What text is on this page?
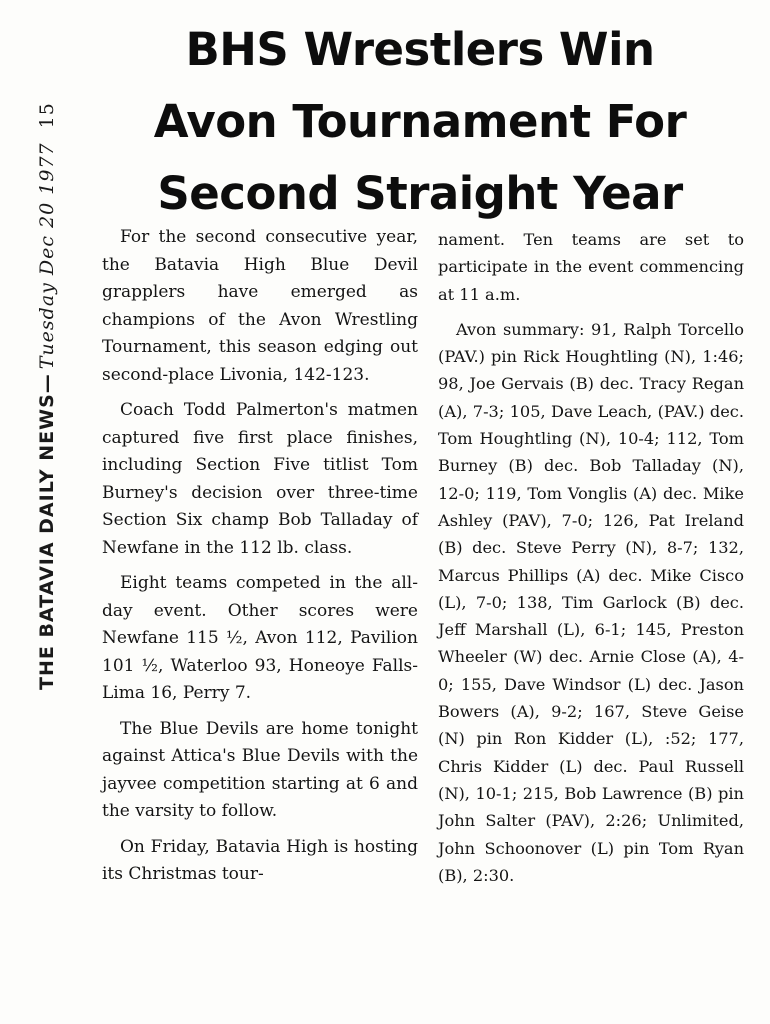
THE BATAVIA DAILY NEWS—Tuesday Dec 20 197715
BHS Wrestlers Win
Avon Tournament For
Second Straight Year

For the second consecutive year, the Batavia High Blue Devil grapplers have emerged as champions of the Avon Wrestling Tournament, this season edging out second-place Livonia, 142-123.

Coach Todd Palmerton's matmen captured five first place finishes, including Section Five titlist Tom Burney's decision over three-time Section Six champ Bob Talladay of Newfane in the 112 lb. class.

Eight teams competed in the all-day event. Other scores were Newfane 115 ½, Avon 112, Pavilion 101 ½, Waterloo 93, Honeoye Falls-Lima 16, Perry 7.

The Blue Devils are home tonight against Attica's Blue Devils with the jayvee competition starting at 6 and the varsity to follow.

On Friday, Batavia High is hosting its Christmas tour-

nament. Ten teams are set to participate in the event commencing at 11 a.m.

Avon summary: 91, Ralph Torcello (PAV.) pin Rick Houghtling (N), 1:46; 98, Joe Gervais (B) dec. Tracy Regan (A), 7-3; 105, Dave Leach, (PAV.) dec. Tom Houghtling (N), 10-4; 112, Tom Burney (B) dec. Bob Talladay (N), 12-0; 119, Tom Vonglis (A) dec. Mike Ashley (PAV), 7-0; 126, Pat Ireland (B) dec. Steve Perry (N), 8-7; 132, Marcus Phillips (A) dec. Mike Cisco (L), 7-0; 138, Tim Garlock (B) dec. Jeff Marshall (L), 6-1; 145, Preston Wheeler (W) dec. Arnie Close (A), 4-0; 155, Dave Windsor (L) dec. Jason Bowers (A), 9-2; 167, Steve Geise (N) pin Ron Kidder (L), :52; 177, Chris Kidder (L) dec. Paul Russell (N), 10-1; 215, Bob Lawrence (B) pin John Salter (PAV), 2:26; Unlimited, John Schoonover (L) pin Tom Ryan (B), 2:30.
